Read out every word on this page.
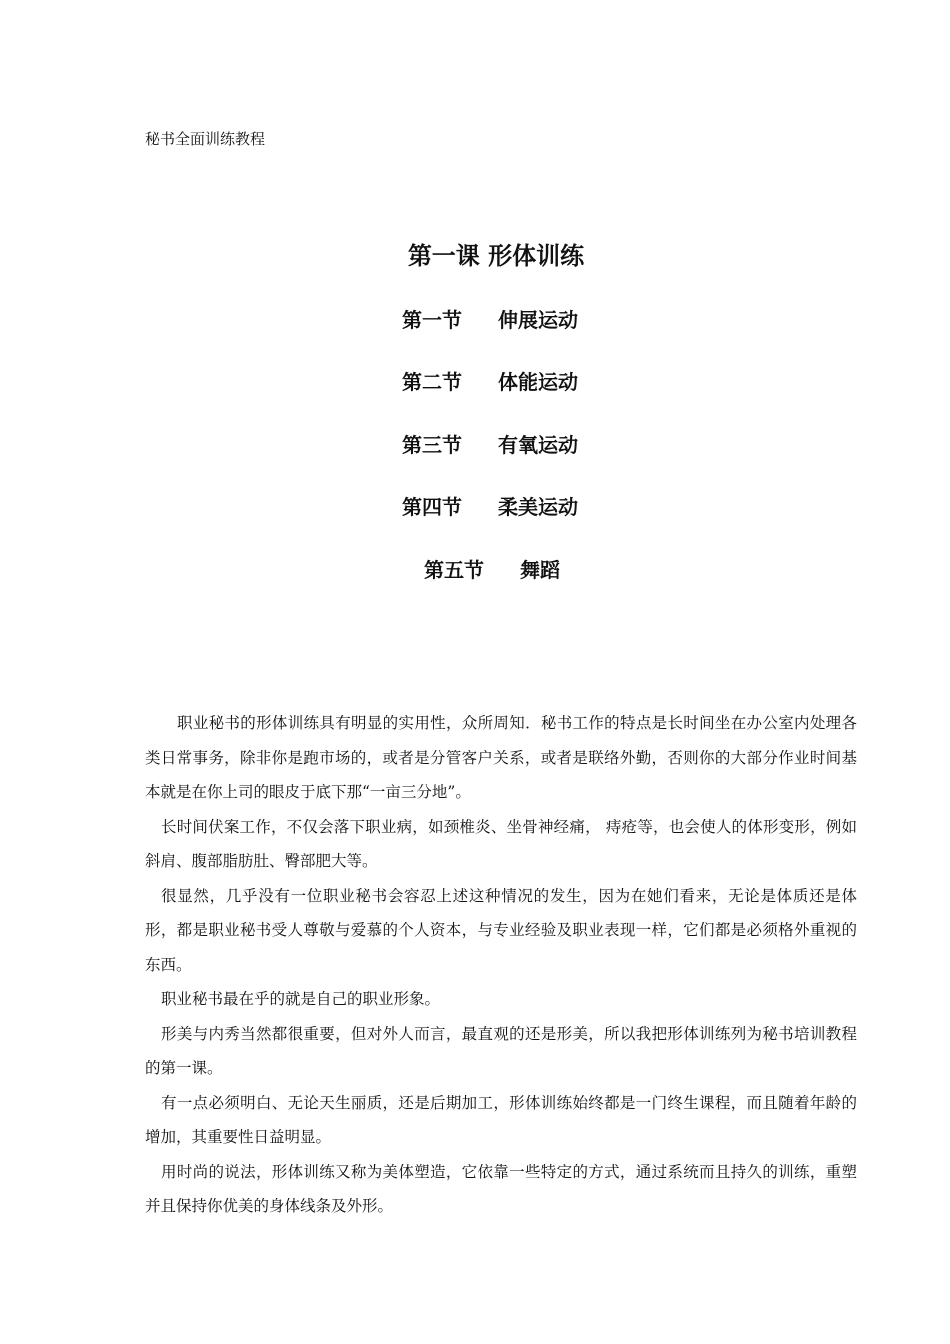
秘书全面训练教程
第一课 形体训练
第一节 伸展运动
第二节 体能运动
第三节 有氧运动
第四节 柔美运动
第五节 舞蹈

职业秘书的形体训练具有明显的实用性，众所周知．秘书工作的特点是长时间坐在办公室内处理各类日常事务，除非你是跑市场的，或者是分管客户关系，或者是联络外勤，否则你的大部分作业时间基本就是在你上司的眼皮于底下那“一亩三分地”。

长时间伏案工作，不仅会落下职业病，如颈椎炎、坐骨神经痛， 痔疮等，也会使人的体形变形，例如斜肩、腹部脂肪肚、臀部肥大等。

很显然，几乎没有一位职业秘书会容忍上述这种情况的发生，因为在她们看来，无论是体质还是体形，都是职业秘书受人尊敬与爱慕的个人资本，与专业经验及职业表现一样，它们都是必须格外重视的东西。

职业秘书最在乎的就是自己的职业形象。

形美与内秀当然都很重要，但对外人而言，最直观的还是形美，所以我把形体训练列为秘书培训教程的第一课。

有一点必须明白、无论天生丽质，还是后期加工，形体训练始终都是一门终生课程，而且随着年龄的增加，其重要性日益明显。

用时尚的说法，形体训练又称为美体塑造，它依靠一些特定的方式，通过系统而且持久的训练，重塑并且保持你优美的身体线条及外形。
